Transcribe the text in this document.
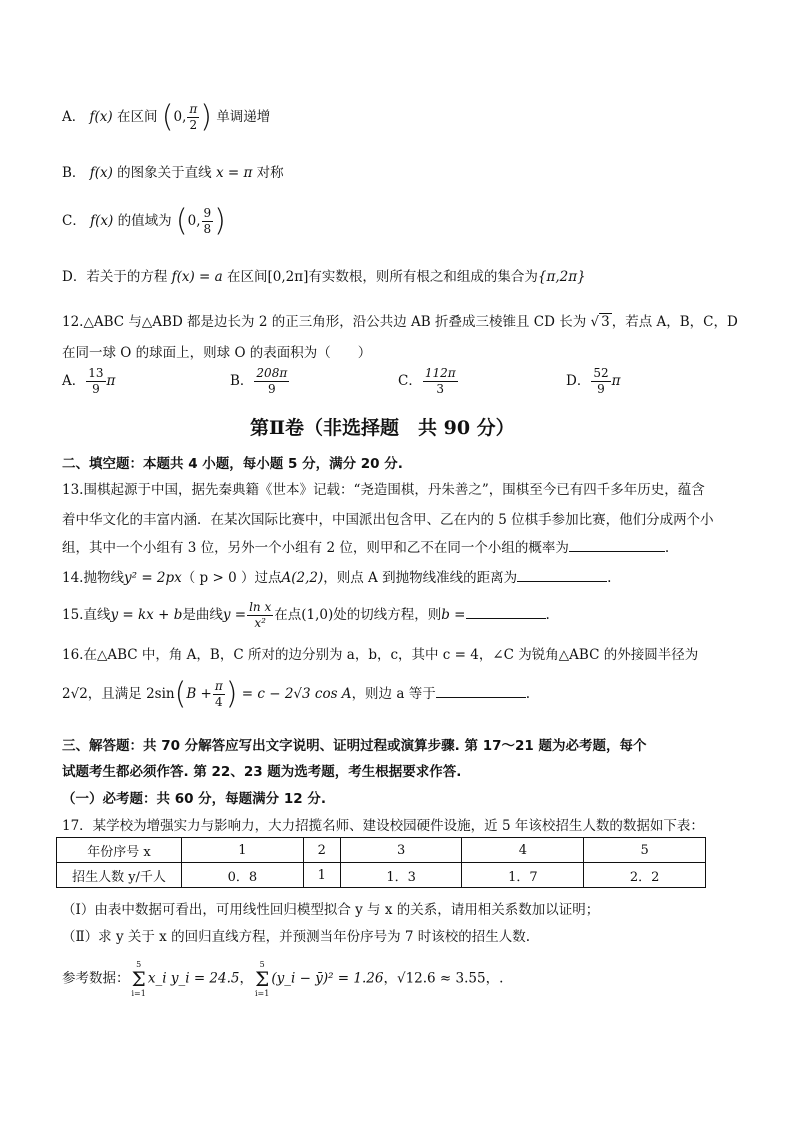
A． f(x) 在区间 (0, $\frac{\pi}{2}$ ) 单调递增
B． f(x) 的图象关于直线 x = π 对称
C． f(x) 的值域为 (0, $\frac{9}{8}$ )
D．若关于的方程 f(x) = a 在区间[0,2π]有实数根，则所有根之和组成的集合为{π,2π}
12.△ABC 与△ABD 都是边长为 2 的正三角形，沿公共边 AB 折叠成三棱锥且 CD 长为 √ 3 ，若点 A，B，C，D
在同一球 O 的球面上，则球 O 的表面积为（　　）
A． $\frac{13}{9}$ π	B． $\frac{208\pi}{9}$	C． $\frac{112\pi}{3}$	D． $\frac{52}{9}$ π
第Ⅱ卷（非选择题　共 90 分）
二、填空题：本题共 4 小题，每小题 5 分，满分 20 分.
13.围棋起源于中国，据先秦典籍《世本》记载：“尧造围棋，丹朱善之”，围棋至今已有四千多年历史，蕴含
着中华文化的丰富内涵．在某次国际比赛中，中国派出包含甲、乙在内的 5 位棋手参加比赛，他们分成两个小
组，其中一个小组有 3 位，另外一个小组有 2 位，则甲和乙不在同一个小组的概率为	.
14.抛物线y² = 2px（ p > 0 ）过点A(2,2)，则点 A 到抛物线准线的距离为	.
15.直线y = kx + b是曲线$y = \frac{\text{ln x}}{\text{x²}}$ 在点(1,0)处的切线方程，则b =	.
16.在△ABC 中，角 A，B，C 所对的边分别为 a，b，c，其中 c = 4，∠C 为锐角△ABC 的外接圆半径为
2√2，且满足 $2\sin(B + \frac{\pi}{4}$ ) = c − 2√3 cos A，则边 a 等于	.
三、解答题：共 70 分解答应写出文字说明、证明过程或演算步骤. 第 17～21 题为必考题，每个
试题考生都必须作答. 第 22、23 题为选考题，考生根据要求作答.
（一）必考题：共 60 分，每题满分 12 分.
17．某学校为增强实力与影响力，大力招揽名师、建设校园硬件设施，近 5 年该校招生人数的数据如下表：
年份序号 x	1	2	3	4	5
招生人数 y/千人	0．8	1	1．3	1．7	2．2
（Ⅰ）由表中数据可看出，可用线性回归模型拟合 y 与 x 的关系，请用相关系数加以证明；
（Ⅱ）求 y 关于 x 的回归直线方程，并预测当年份序号为 7 时该校的招生人数.
参考数据：
5
Σ
i=1
x_i y_i = 24.5，
5
Σ
i=1
(y_i − ȳ)² = 1.26，√12.6 ≈ 3.55，.
